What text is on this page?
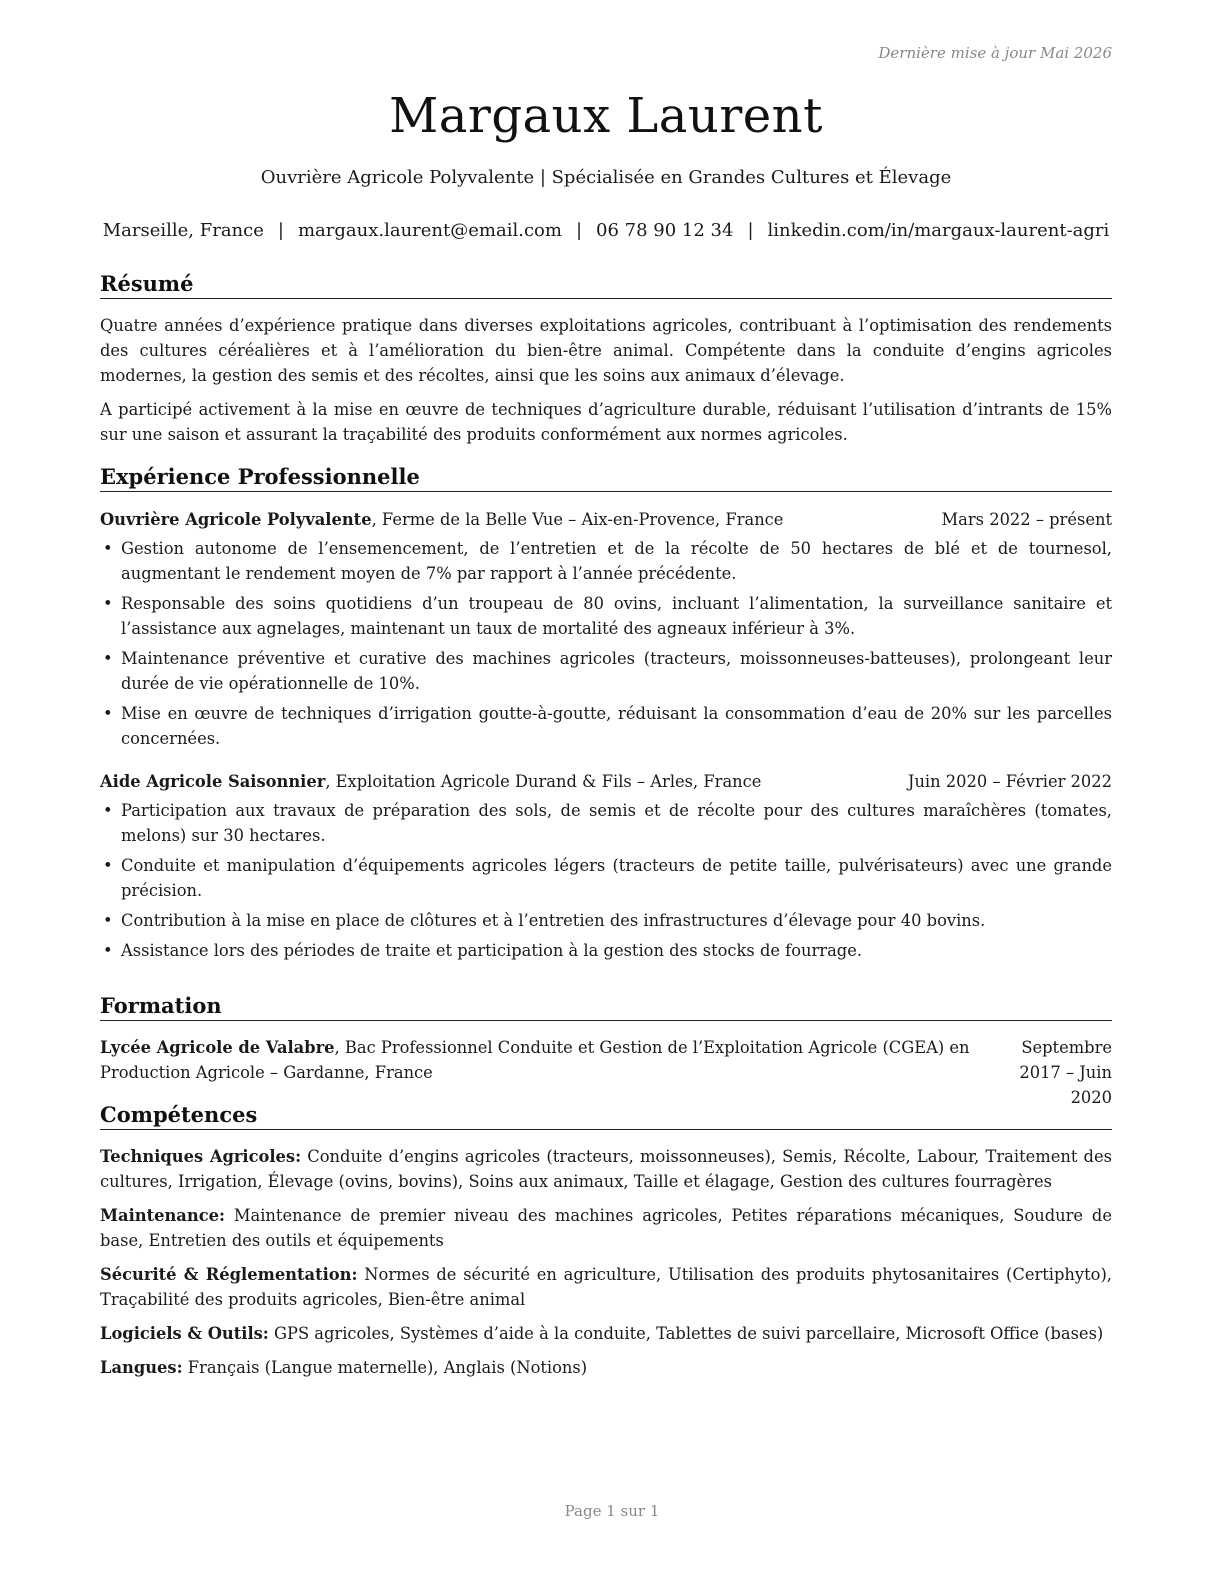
Dernière mise à jour Mai 2026
Margaux Laurent
Ouvrière Agricole Polyvalente | Spécialisée en Grandes Cultures et Élevage
Marseille, France | margaux.laurent@email.com | 06 78 90 12 34 | linkedin.com/in/margaux-laurent-agri
Résumé

Quatre années d’expérience pratique dans diverses exploitations agricoles, contribuant à l’optimisation des rendements des cultures céréalières et à l’amélioration du bien-être animal. Compétente dans la conduite d’engins agricoles modernes, la gestion des semis et des récoltes, ainsi que les soins aux animaux d’élevage.

A participé activement à la mise en œuvre de techniques d’agriculture durable, réduisant l’utilisation d’intrants de 15% sur une saison et assurant la traçabilité des produits conformément aux normes agricoles.

Expérience Professionnelle
Ouvrière Agricole Polyvalente, Ferme de la Belle Vue – Aix-en-Provence, France	Mars 2022 – présent
• Gestion autonome de l’ensemencement, de l’entretien et de la récolte de 50 hectares de blé et de tournesol, augmentant le rendement moyen de 7% par rapport à l’année précédente.
• Responsable des soins quotidiens d’un troupeau de 80 ovins, incluant l’alimentation, la surveillance sanitaire et l’assistance aux agnelages, maintenant un taux de mortalité des agneaux inférieur à 3%.
• Maintenance préventive et curative des machines agricoles (tracteurs, moissonneuses-batteuses), prolongeant leur durée de vie opérationnelle de 10%.
• Mise en œuvre de techniques d’irrigation goutte-à-goutte, réduisant la consommation d’eau de 20% sur les parcelles concernées.
Aide Agricole Saisonnier, Exploitation Agricole Durand & Fils – Arles, France	Juin 2020 – Février 2022
• Participation aux travaux de préparation des sols, de semis et de récolte pour des cultures maraîchères (tomates, melons) sur 30 hectares.
• Conduite et manipulation d’équipements agricoles légers (tracteurs de petite taille, pulvérisateurs) avec une grande précision.
• Contribution à la mise en place de clôtures et à l’entretien des infrastructures d’élevage pour 40 bovins.
• Assistance lors des périodes de traite et participation à la gestion des stocks de fourrage.
Formation
Lycée Agricole de Valabre, Bac Professionnel Conduite et Gestion de l’Exploitation Agricole (CGEA) en Production Agricole – Gardanne, France
Septembre 2017 – Juin 2020
Compétences

Techniques Agricoles: Conduite d’engins agricoles (tracteurs, moissonneuses), Semis, Récolte, Labour, Traitement des cultures, Irrigation, Élevage (ovins, bovins), Soins aux animaux, Taille et élagage, Gestion des cultures fourragères

Maintenance: Maintenance de premier niveau des machines agricoles, Petites réparations mécaniques, Soudure de base, Entretien des outils et équipements

Sécurité & Réglementation: Normes de sécurité en agriculture, Utilisation des produits phytosanitaires (Certiphyto), Traçabilité des produits agricoles, Bien-être animal

Logiciels & Outils: GPS agricoles, Systèmes d’aide à la conduite, Tablettes de suivi parcellaire, Microsoft Office (bases)

Langues: Français (Langue maternelle), Anglais (Notions)

Page 1 sur 1
